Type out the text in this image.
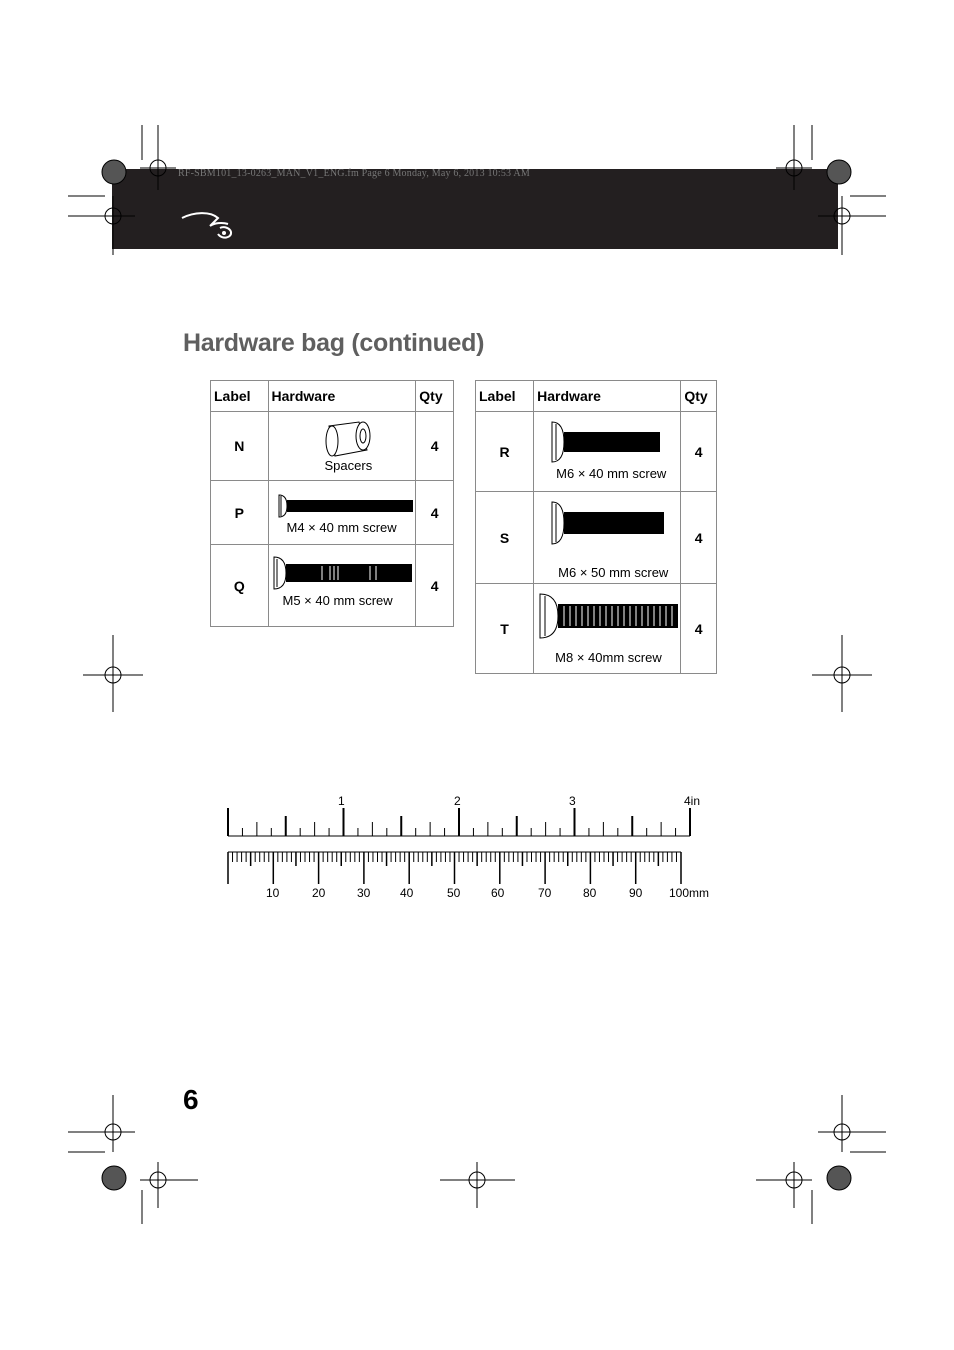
RF-SBM101_13-0263_MAN_V1_ENG.fm Page 6 Monday, May 6, 2013 10:53 AM
Hardware bag (continued)
Label	Hardware	Qty
N	Spacers	4
P	M4 × 40 mm screw	4
Q	M5 × 40 mm screw	4
Label	Hardware	Qty
R	M6 × 40 mm screw	4
S	M6 × 50 mm screw	4
T	M8 × 40mm screw	4
1	2	3	4in
10	20	30 40	50	60	70	80	90 100mm
6
